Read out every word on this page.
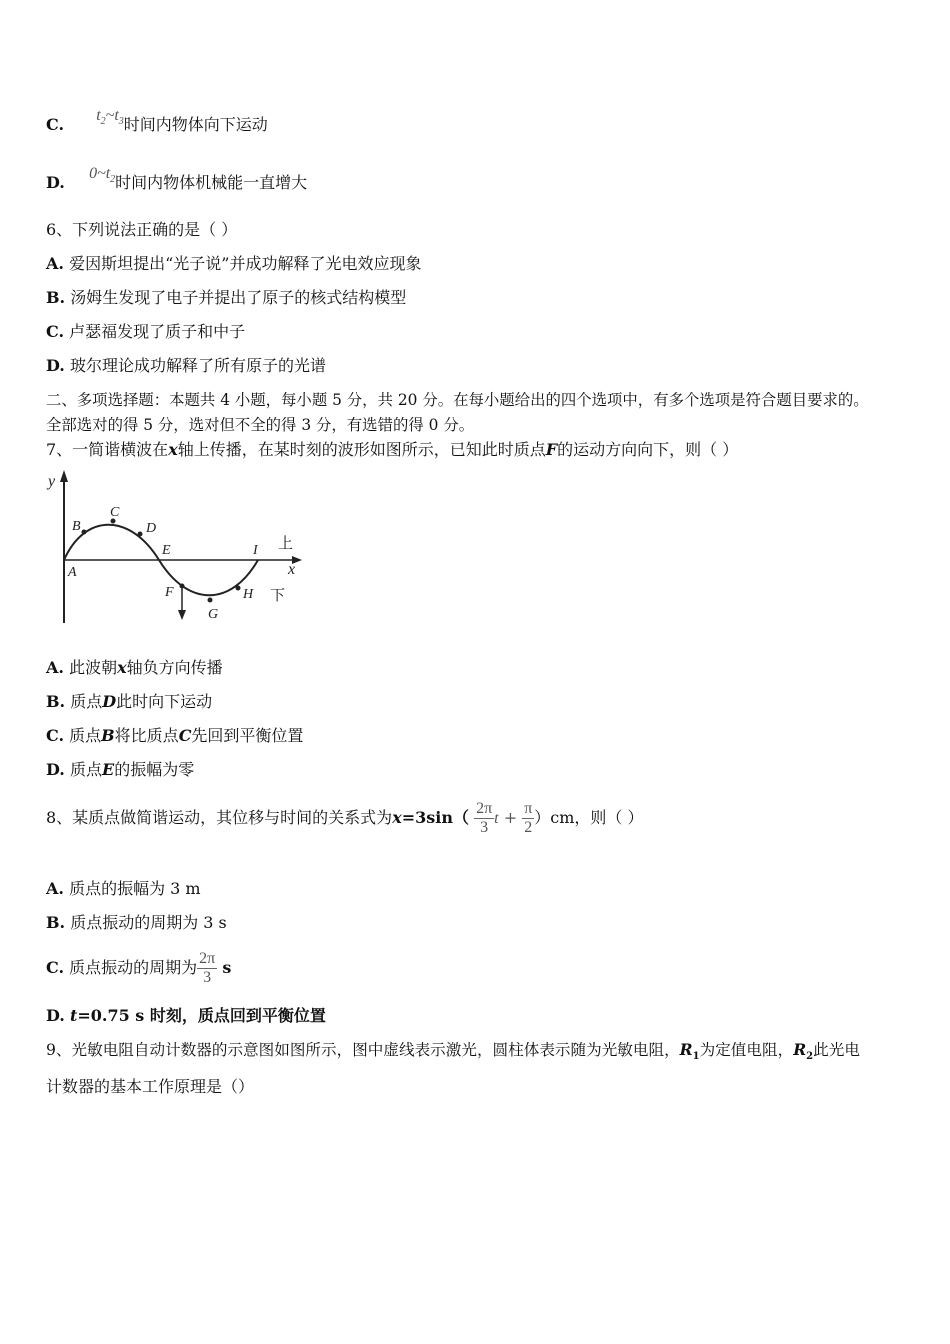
C. $t_2\sim t_3$时间内物体向下运动
D. $0\sim t_2$时间内物体机械能一直增大
6、下列说法正确的是（ ）
A. 爱因斯坦提出“光子说”并成功解释了光电效应现象
B. 汤姆生发现了电子并提出了原子的核式结构模型
C. 卢瑟福发现了质子和中子
D. 玻尔理论成功解释了所有原子的光谱
二、多项选择题：本题共 4 小题，每小题 5 分，共 20 分。在每小题给出的四个选项中，有多个选项是符合题目要求的。
全部选对的得 5 分，选对但不全的得 3 分，有选错的得 0 分。
7、一简谐横波在x轴上传播，在某时刻的波形如图所示，已知此时质点F的运动方向向下，则（ ）
y
x
A
B
C
D
E
F
G
H
I 上
下
A. 此波朝x轴负方向传播
B. 质点D此时向下运动
C. 质点B将比质点C先回到平衡位置
D. 质点E的振幅为零
8、某质点做简谐运动，其位移与时间的关系式为$x=3\sin( \frac{2\pi}{3}$ $t + \frac{\pi}{2} )cm$，则（ ）
A. 质点的振幅为 3 m
B. 质点振动的周期为 3 s
C. 质点振动的周期为 $\frac{2\pi}{3}$ s
D. t=0.75 s 时刻，质点回到平衡位置
9、光敏电阻自动计数器的示意图如图所示，图中虚线表示激光，圆柱体表示随为光敏电阻，$R_1$为定值电阻，$R_2$此光电
计数器的基本工作原理是（）
